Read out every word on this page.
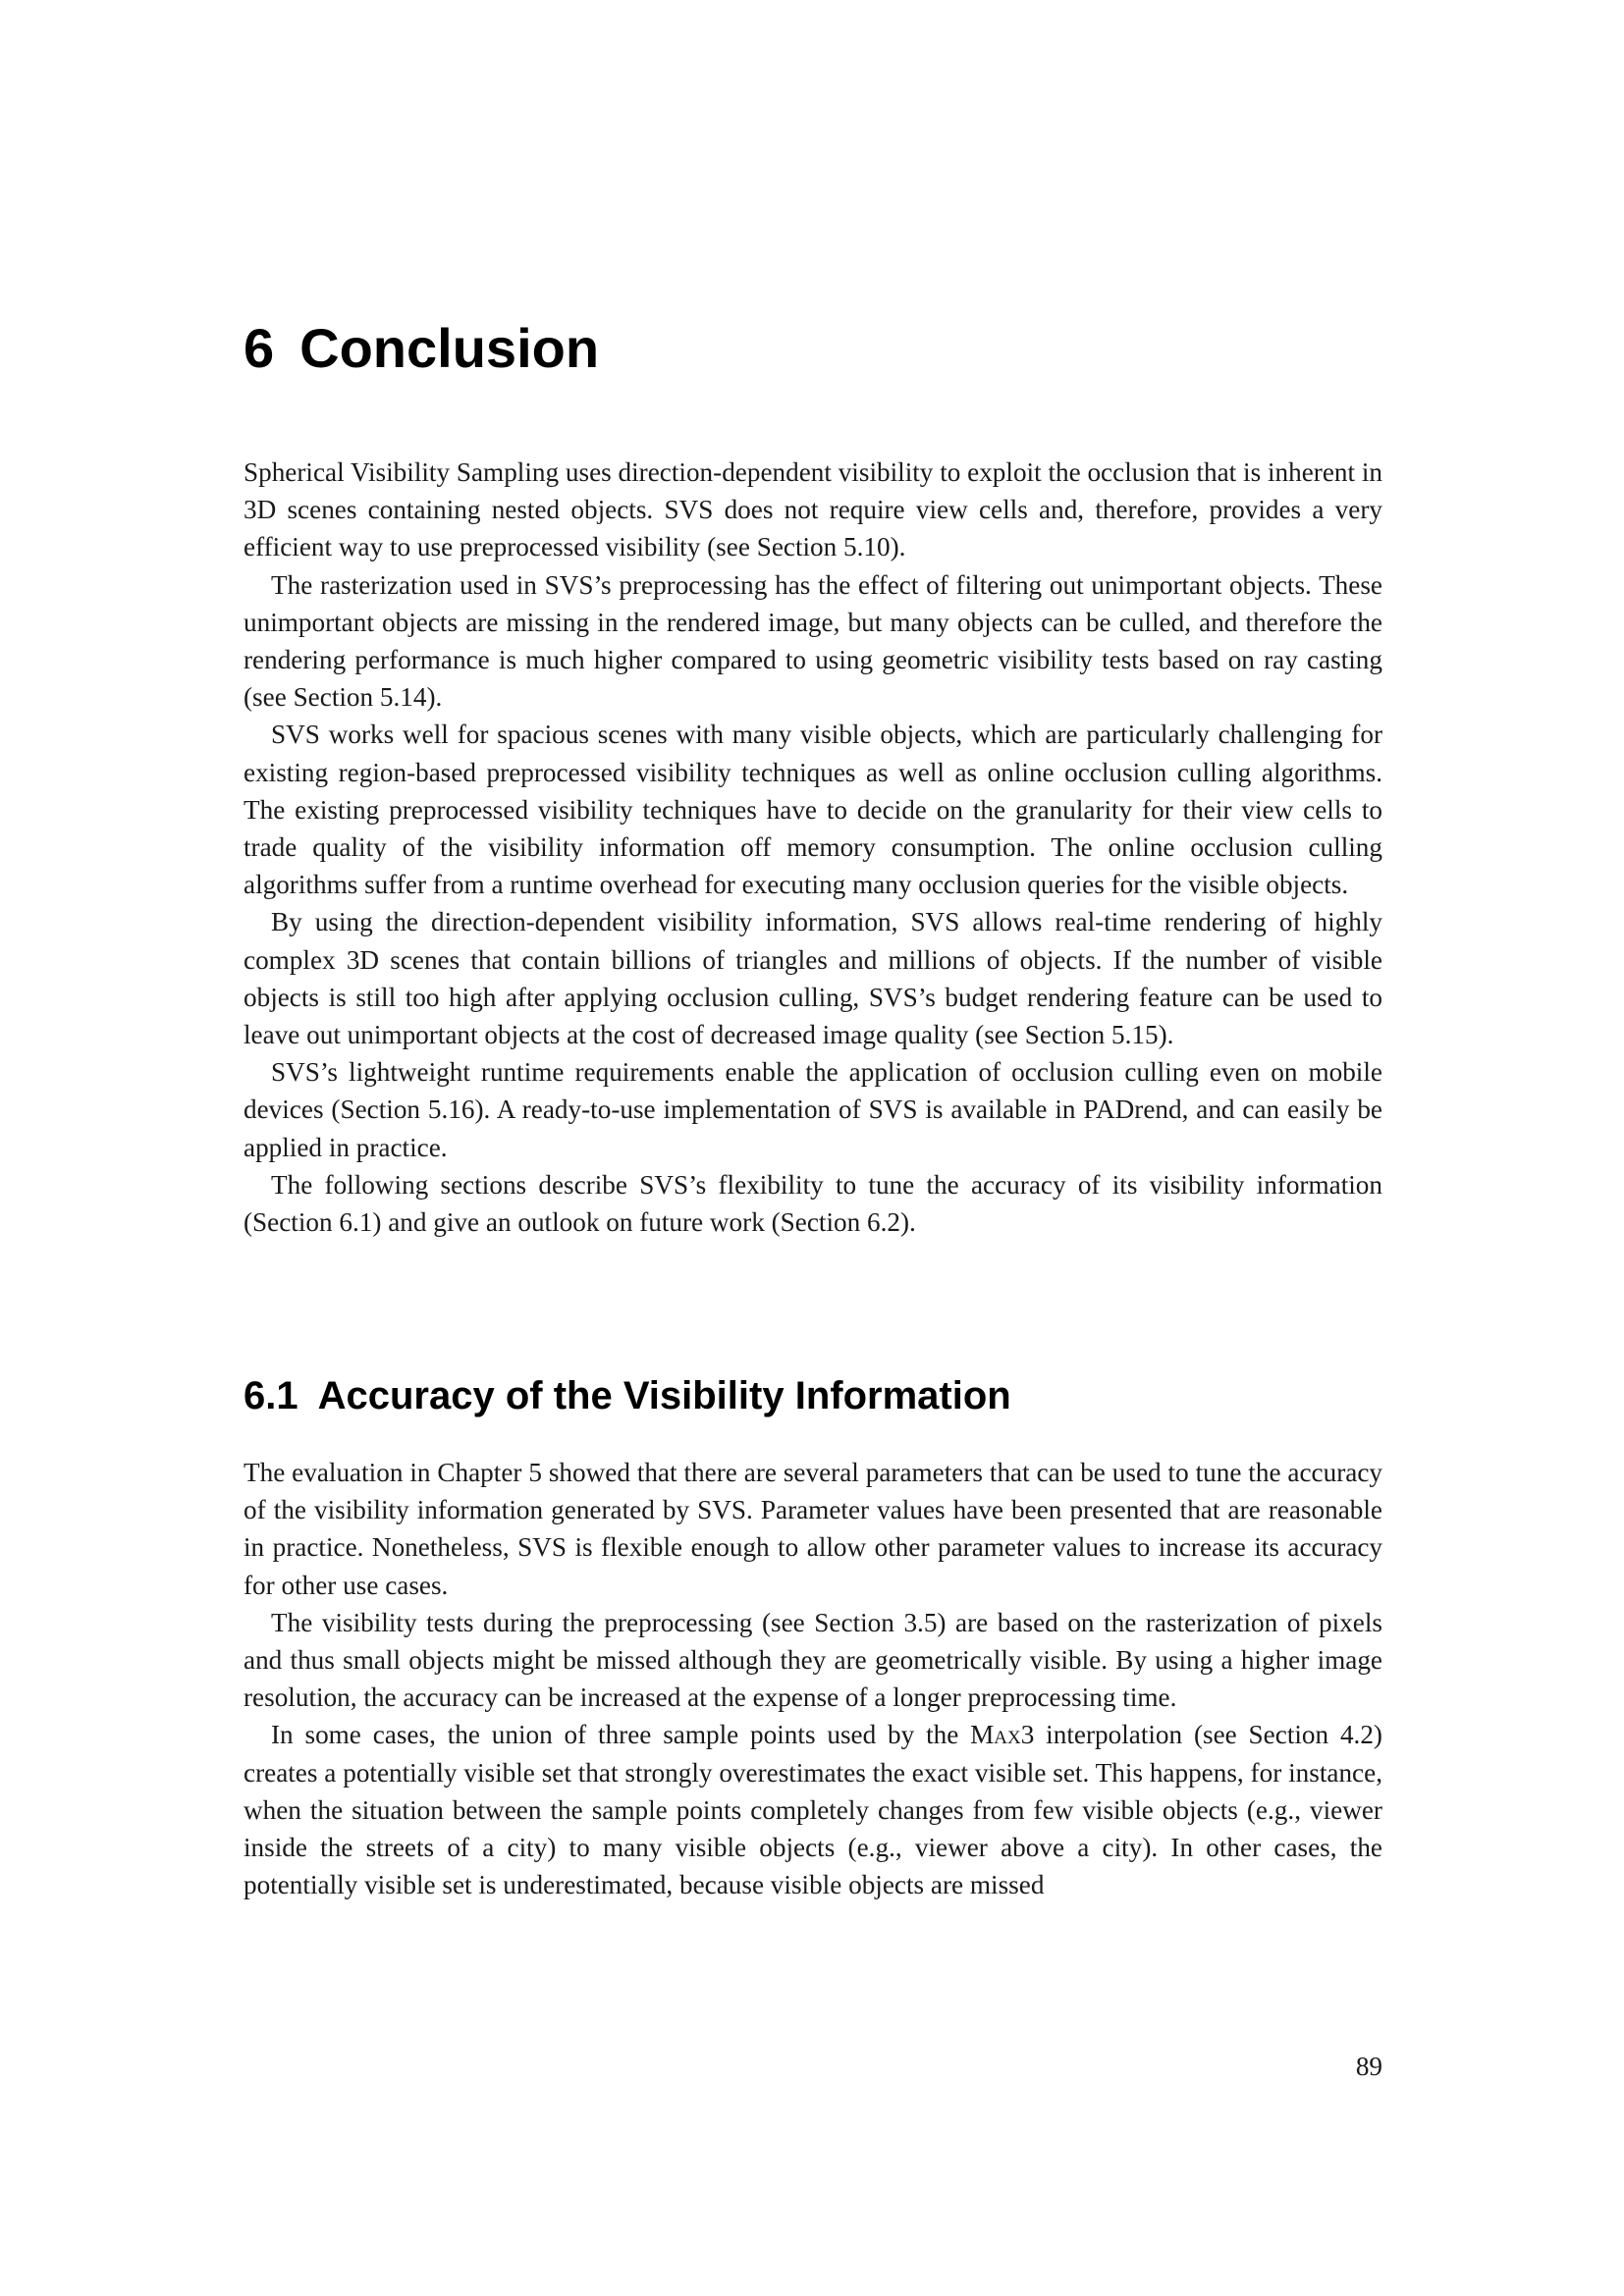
6 Conclusion

Spherical Visibility Sampling uses direction-dependent visibility to exploit the occlusion that is inherent in 3D scenes containing nested objects. SVS does not require view cells and, therefore, provides a very efficient way to use preprocessed visibility (see Section 5.10).

The rasterization used in SVS’s preprocessing has the effect of filtering out unimportant objects. These unimportant objects are missing in the rendered image, but many objects can be culled, and therefore the rendering performance is much higher compared to using geometric visibility tests based on ray casting (see Section 5.14).

SVS works well for spacious scenes with many visible objects, which are particularly challenging for existing region-based preprocessed visibility techniques as well as online occlusion culling algorithms. The existing preprocessed visibility techniques have to decide on the granularity for their view cells to trade quality of the visibility information off memory consumption. The online occlusion culling algorithms suffer from a runtime overhead for executing many occlusion queries for the visible objects.

By using the direction-dependent visibility information, SVS allows real-time rendering of highly complex 3D scenes that contain billions of triangles and millions of objects. If the number of visible objects is still too high after applying occlusion culling, SVS’s budget rendering feature can be used to leave out unimportant objects at the cost of decreased image quality (see Section 5.15).

SVS’s lightweight runtime requirements enable the application of occlusion culling even on mobile devices (Section 5.16). A ready-to-use implementation of SVS is available in PADrend, and can easily be applied in practice.

The following sections describe SVS’s flexibility to tune the accuracy of its visibility information (Section 6.1) and give an outlook on future work (Section 6.2).

6.1 Accuracy of the Visibility Information

The evaluation in Chapter 5 showed that there are several parameters that can be used to tune the accuracy of the visibility information generated by SVS. Parameter values have been presented that are reasonable in practice. Nonetheless, SVS is flexible enough to allow other parameter values to increase its accuracy for other use cases.

The visibility tests during the preprocessing (see Section 3.5) are based on the rasterization of pixels and thus small objects might be missed although they are geometrically visible. By using a higher image resolution, the accuracy can be increased at the expense of a longer preprocessing time.

In some cases, the union of three sample points used by the Max3 interpolation (see Section 4.2) creates a potentially visible set that strongly overestimates the exact visible set. This happens, for instance, when the situation between the sample points completely changes from few visible objects (e.g., viewer inside the streets of a city) to many visible objects (e.g., viewer above a city). In other cases, the potentially visible set is underestimated, because visible objects are missed

89
